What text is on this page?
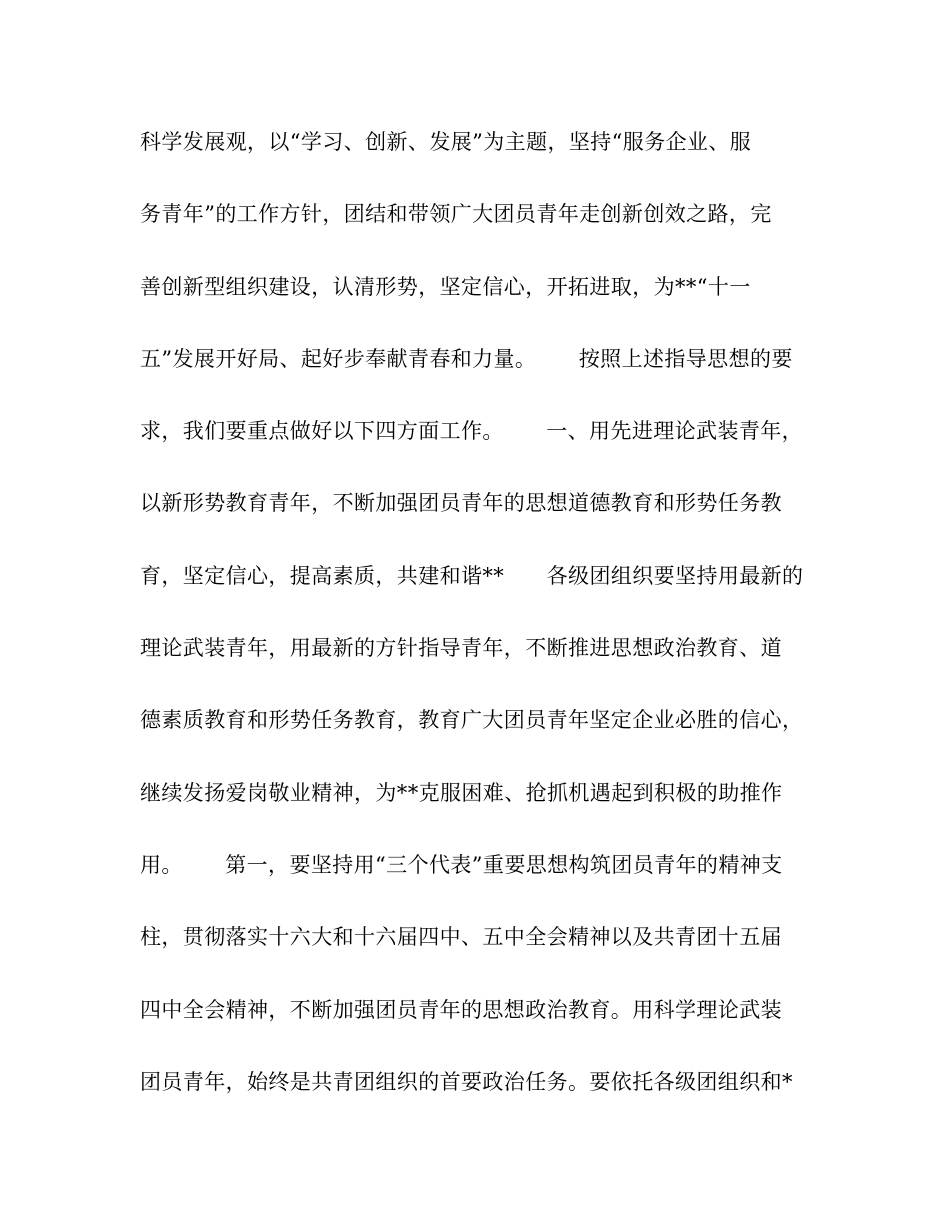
科学发展观，以“学习、创新、发展”为主题，坚持“服务企业、服
务青年”的工作方针，团结和带领广大团员青年走创新创效之路，完
善创新型组织建设，认清形势，坚定信心，开拓进取，为**“十一
五”发展开好局、起好步奉献青春和力量。      按照上述指导思想的要
求，我们要重点做好以下四方面工作。      一、用先进理论武装青年，
以新形势教育青年，不断加强团员青年的思想道德教育和形势任务教
育，坚定信心，提高素质，共建和谐**      各级团组织要坚持用最新的
理论武装青年，用最新的方针指导青年，不断推进思想政治教育、道
德素质教育和形势任务教育，教育广大团员青年坚定企业必胜的信心，
继续发扬爱岗敬业精神，为**克服困难、抢抓机遇起到积极的助推作
用。      第一，要坚持用“三个代表”重要思想构筑团员青年的精神支
柱，贯彻落实十六大和十六届四中、五中全会精神以及共青团十五届
四中全会精神，不断加强团员青年的思想政治教育。用科学理论武装
团员青年，始终是共青团组织的首要政治任务。要依托各级团组织和*
